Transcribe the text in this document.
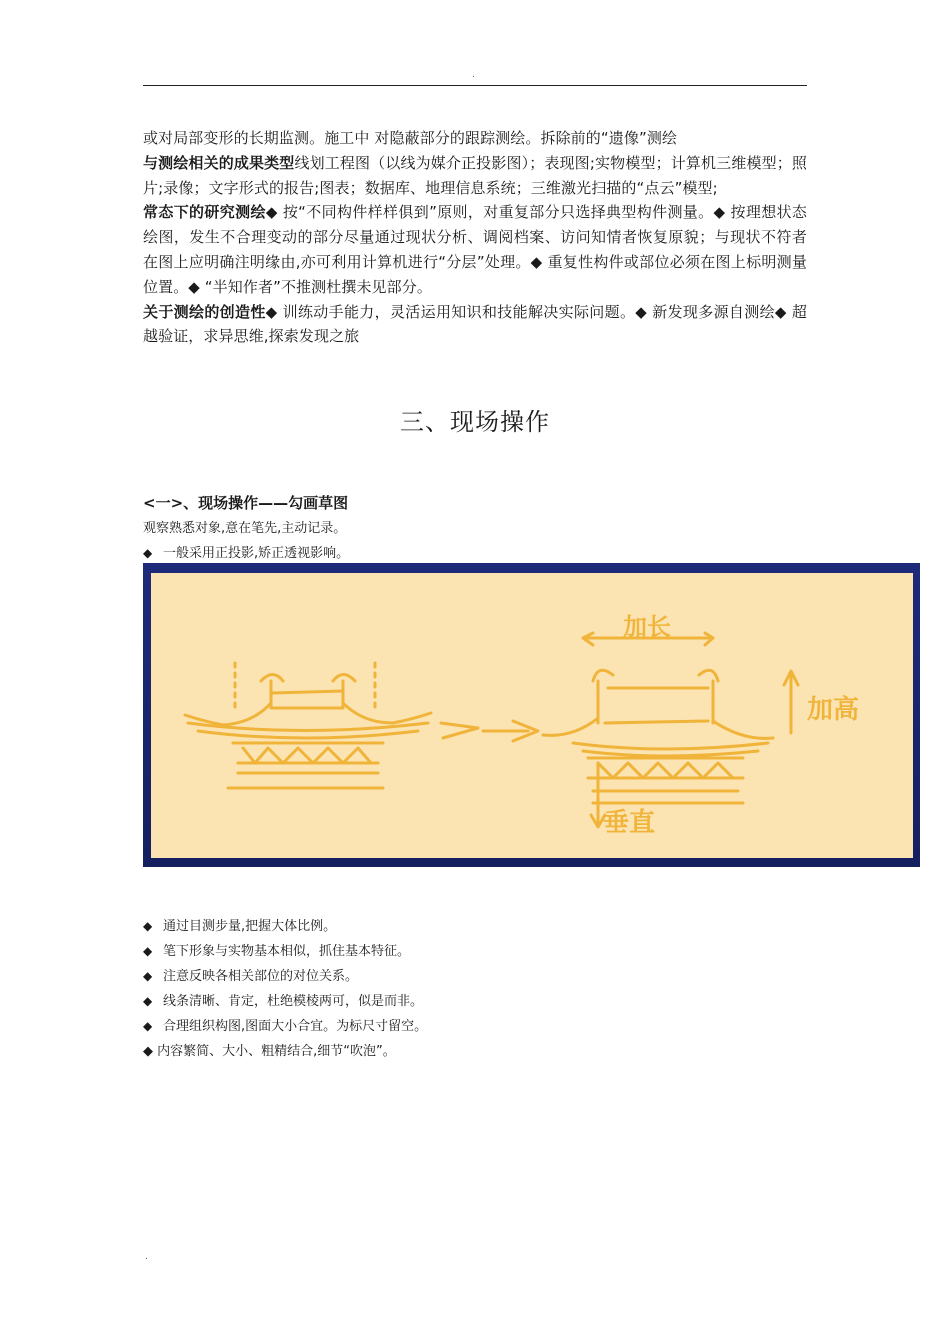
.

或对局部变形的长期监测。施工中 对隐蔽部分的跟踪测绘。拆除前的“遗像”测绘

与测绘相关的成果类型线划工程图（以线为媒介正投影图）；表现图;实物模型；计算机三维模型；照片;录像；文字形式的报告;图表；数据库、地理信息系统；三维激光扫描的“点云”模型;

常态下的研究测绘◆ 按“不同构件样样俱到”原则，对重复部分只选择典型构件测量。◆ 按理想状态绘图，发生不合理变动的部分尽量通过现状分析、调阅档案、访问知情者恢复原貌；与现状不符者在图上应明确注明缘由,亦可利用计算机进行“分层”处理。◆ 重复性构件或部位必须在图上标明测量位置。◆ “半知作者”不推测杜撰未见部分。

关于测绘的创造性◆ 训练动手能力，灵活运用知识和技能解决实际问题。◆ 新发现多源自测绘◆ 超越验证，求异思维,探索发现之旅

三、现场操作
<一>、现场操作——勾画草图
观察熟悉对象,意在笔先,主动记录。
◆ 一般采用正投影,矫正透视影响。
加长
加高
垂直
◆ 通过目测步量,把握大体比例。
◆ 笔下形象与实物基本相似，抓住基本特征。
◆ 注意反映各相关部位的对位关系。
◆ 线条清晰、肯定，杜绝模棱两可，似是而非。
◆ 合理组织构图,图面大小合宜。为标尺寸留空。
◆ 内容繁简、大小、粗精结合,细节“吹泡”。
.
